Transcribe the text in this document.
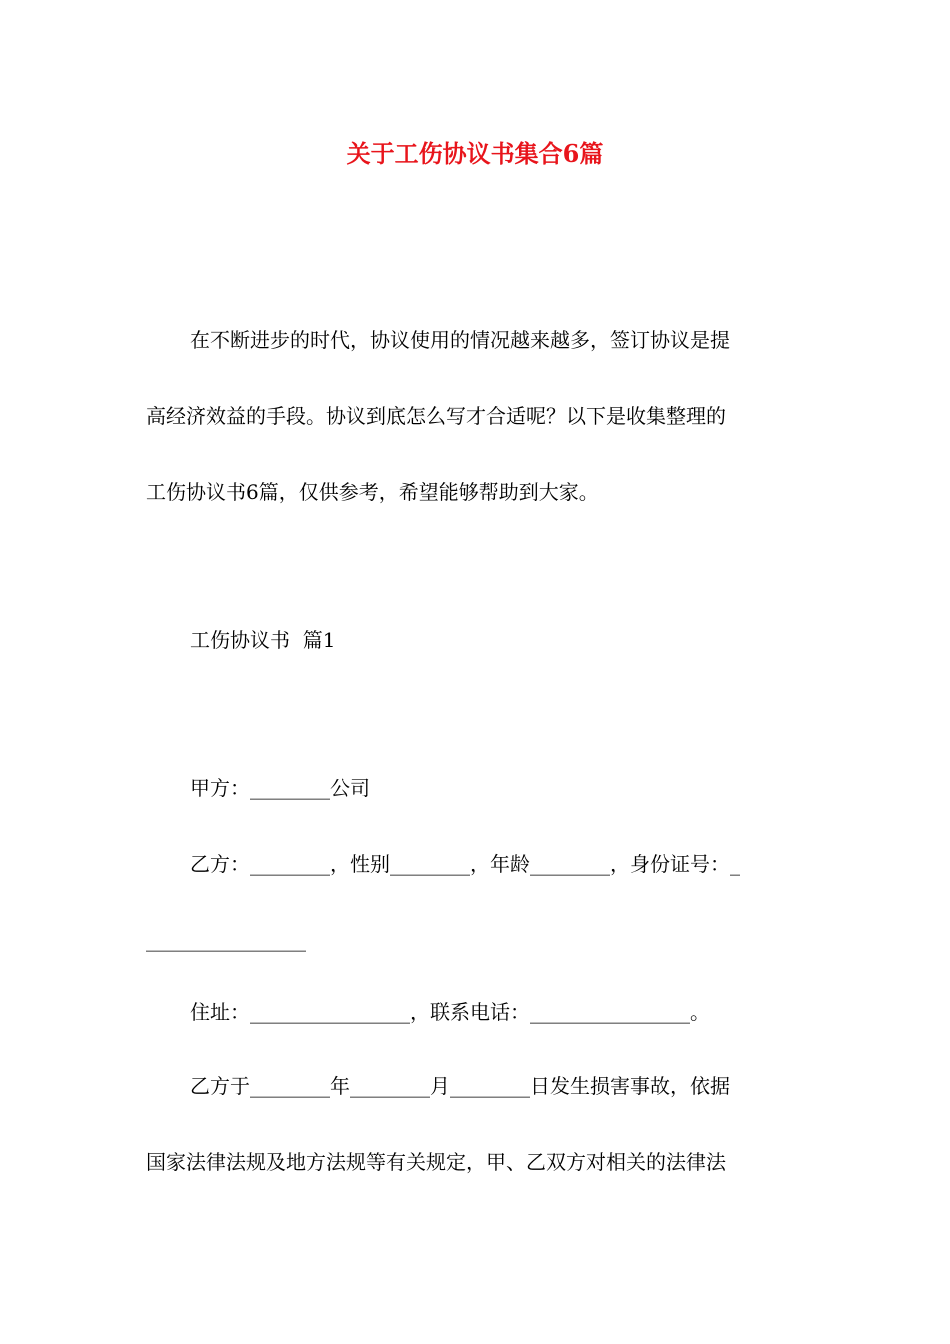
关于工伤协议书集合6篇

在不断进步的时代，协议使用的情况越来越多，签订协议是提

高经济效益的手段。协议到底怎么写才合适呢？以下是收集整理的

工伤协议书6篇，仅供参考，希望能够帮助到大家。

工伤协议书  篇1

甲方：________公司

乙方：________，性别________，年龄________，身份证号：_

________________

住址：________________，联系电话：________________。

乙方于________年________月________日发生损害事故，依据

国家法律法规及地方法规等有关规定，甲、乙双方对相关的法律法
